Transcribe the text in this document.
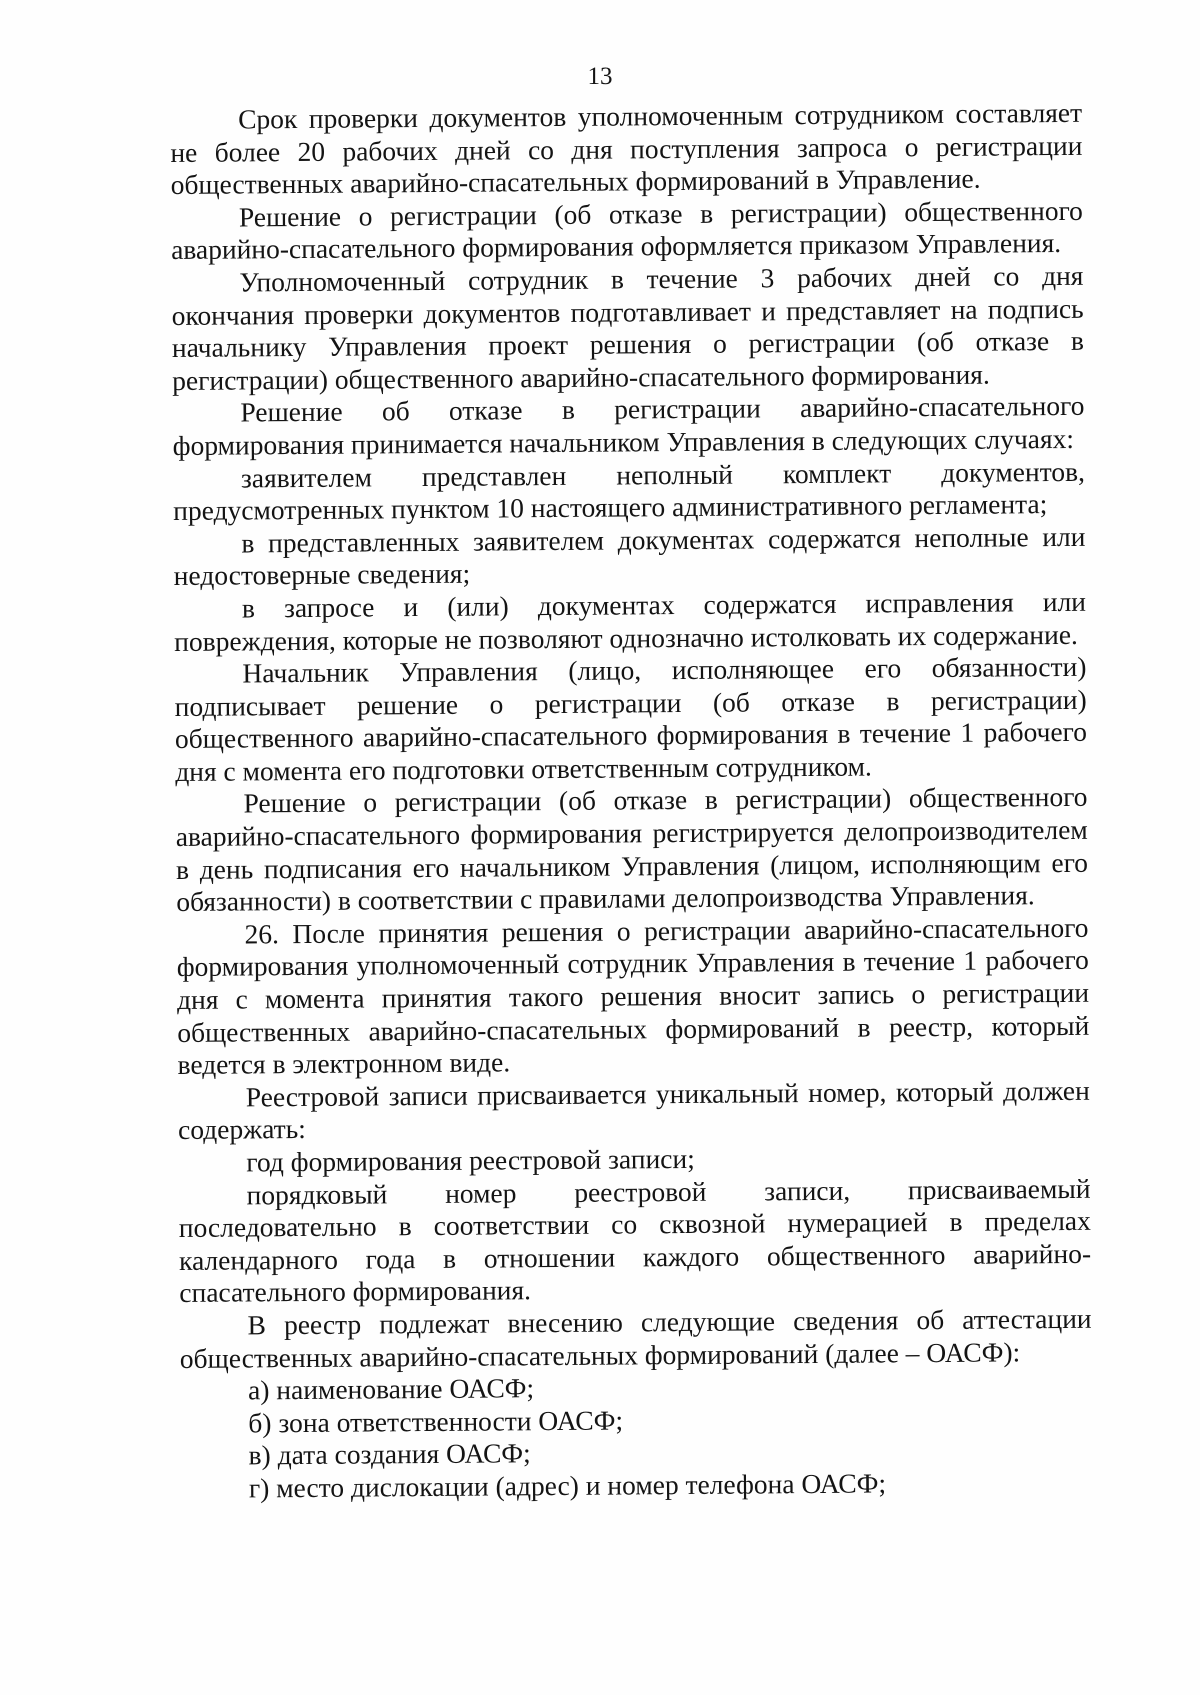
13

Срок проверки документов уполномоченным сотрудником составляет не более 20 рабочих дней со дня поступления запроса о регистрации общественных аварийно-спасательных формирований в Управление.

Решение о регистрации (об отказе в регистрации) общественного аварийно-спасательного формирования оформляется приказом Управления.

Уполномоченный сотрудник в течение 3 рабочих дней со дня окончания проверки документов подготавливает и представляет на подпись начальнику Управления проект решения о регистрации (об отказе в регистрации) общественного аварийно-спасательного формирования.

Решение об отказе в регистрации аварийно-спасательного формирования принимается начальником Управления в следующих случаях:

заявителем представлен неполный комплект документов, предусмотренных пунктом 10 настоящего административного регламента;

в представленных заявителем документах содержатся неполные или недостоверные сведения;

в запросе и (или) документах содержатся исправления или повреждения, которые не позволяют однозначно истолковать их содержание.

Начальник Управления (лицо, исполняющее его обязанности) подписывает решение о регистрации (об отказе в регистрации) общественного аварийно-спасательного формирования в течение 1 рабочего дня с момента его подготовки ответственным сотрудником.

Решение о регистрации (об отказе в регистрации) общественного аварийно-спасательного формирования регистрируется делопроизводителем в день подписания его начальником Управления (лицом, исполняющим его обязанности) в соответствии с правилами делопроизводства Управления.

26. После принятия решения о регистрации аварийно-спасательного формирования уполномоченный сотрудник Управления в течение 1 рабочего дня с момента принятия такого решения вносит запись о регистрации общественных аварийно-спасательных формирований в реестр, который ведется в электронном виде.

Реестровой записи присваивается уникальный номер, который должен содержать:

год формирования реестровой записи;

порядковый номер реестровой записи, присваиваемый последовательно в соответствии со сквозной нумерацией в пределах календарного года в отношении каждого общественного аварийно-спасательного формирования.

В реестр подлежат внесению следующие сведения об аттестации общественных аварийно-спасательных формирований (далее – ОАСФ):

а) наименование ОАСФ;

б) зона ответственности ОАСФ;

в) дата создания ОАСФ;

г) место дислокации (адрес) и номер телефона ОАСФ;
